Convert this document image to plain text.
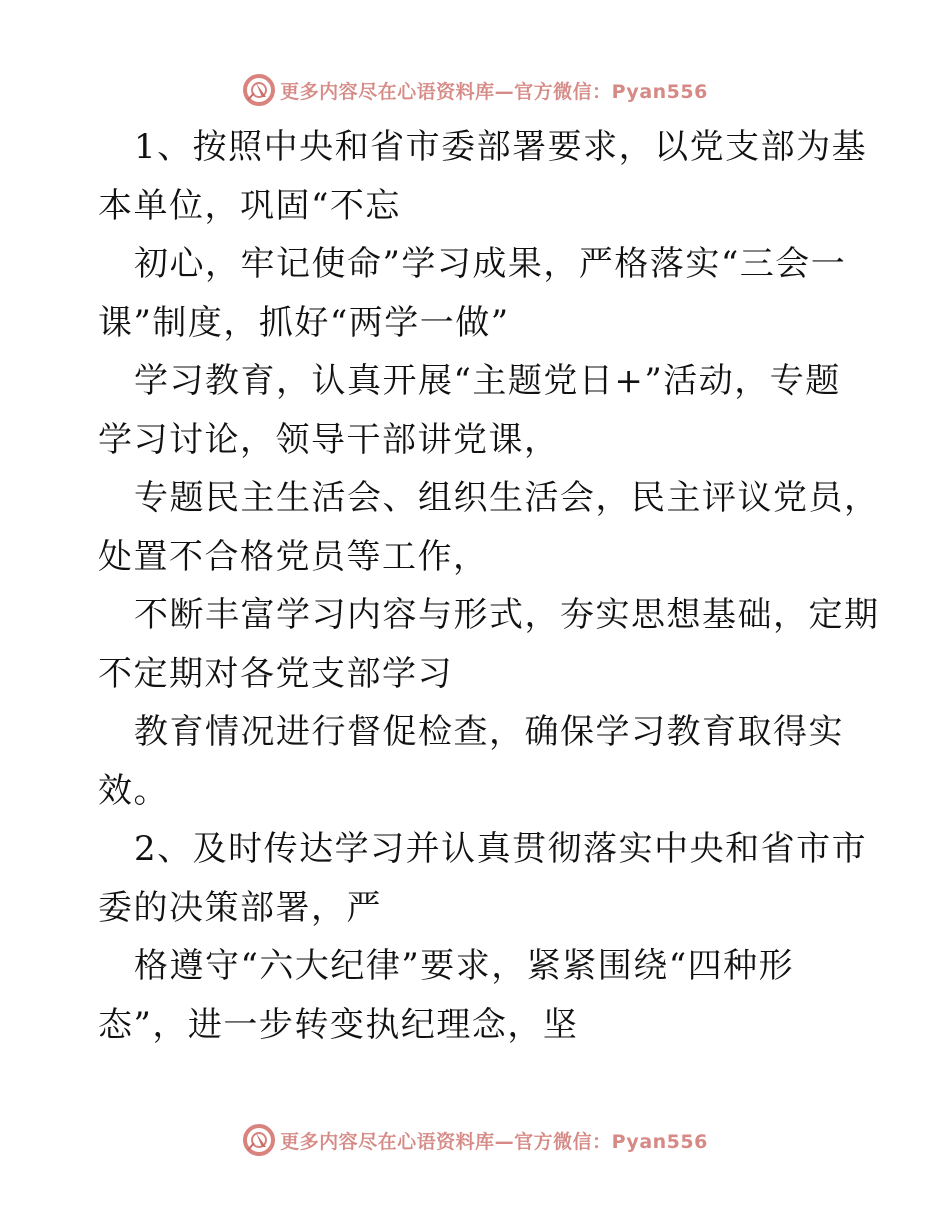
更多内容尽在心语资料库—官方微信：Pyan556
1、按照中央和省市委部署要求，以党支部为基
本单位，巩固“不忘
初心，牢记使命”学习成果，严格落实“三会一
课”制度，抓好“两学一做”
学习教育，认真开展“主题党日+”活动，专题
学习讨论，领导干部讲党课，
专题民主生活会、组织生活会，民主评议党员，
处置不合格党员等工作，
不断丰富学习内容与形式，夯实思想基础，定期
不定期对各党支部学习
教育情况进行督促检查，确保学习教育取得实
效。
2、及时传达学习并认真贯彻落实中央和省市市
委的决策部署，严
格遵守“六大纪律”要求，紧紧围绕“四种形
态”，进一步转变执纪理念，坚
更多内容尽在心语资料库—官方微信：Pyan556
